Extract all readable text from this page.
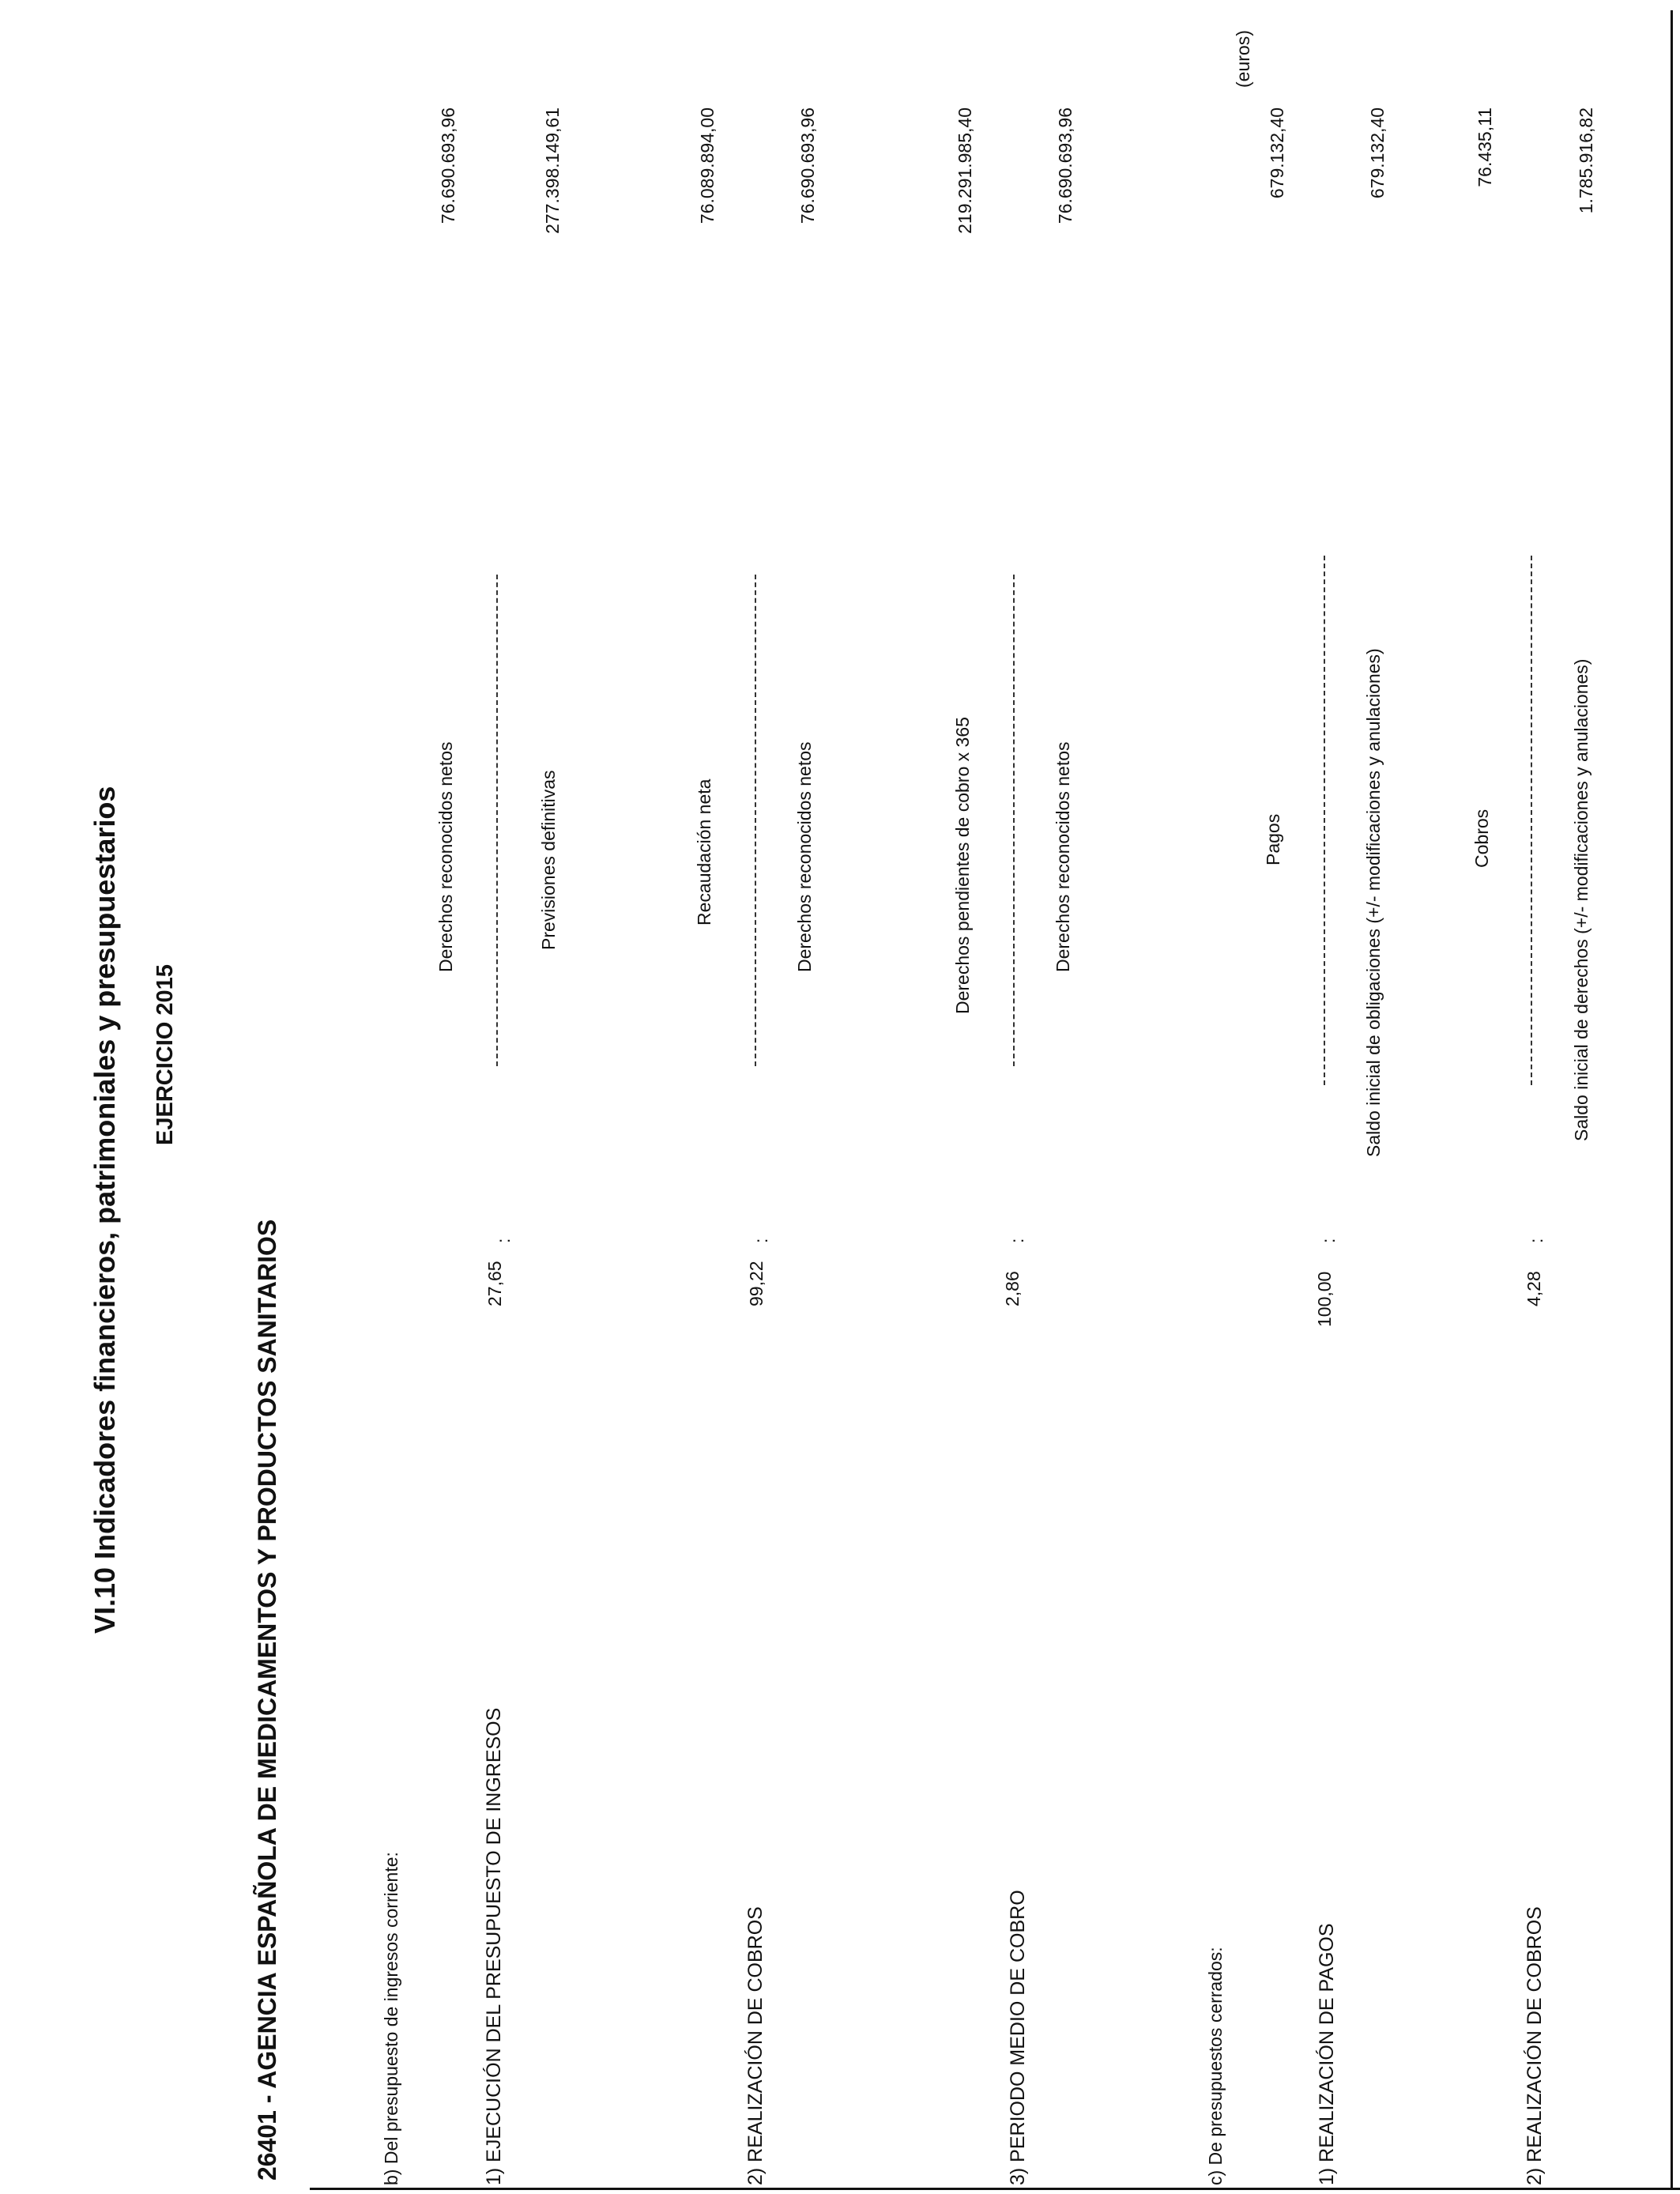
VI.10 Indicadores financieros, patrimoniales y presupuestarios EJERCICIO 2015
26401 - AGENCIA ESPAÑOLA DE MEDICAMENTOS Y PRODUCTOS SANITARIOS
(euros)
b) Del presupuesto de ingresos corriente:	1) EJECUCIÓN DEL PRESUPUESTO DE INGRESOS
27,65
:
Derechos reconocidos netos	Previsiones definitivas
76.690.693,96	277.398.149,61
2) REALIZACIÓN DE COBROS
99,22
:
Recaudación neta	Derechos reconocidos netos
76.089.894,00	76.690.693,96
3) PERIODO MEDIO DE COBRO
2,86
:
Derechos pendientes de cobro x 365	Derechos reconocidos netos
219.291.985,40	76.690.693,96
c) De presupuestos cerrados:	1) REALIZACIÓN DE PAGOS
100,00
:
Pagos	Saldo inicial de obligaciones (+/- modificaciones y anulaciones)
679.132,40	679.132,40
2) REALIZACIÓN DE COBROS
4,28
:
Cobros	Saldo inicial de derechos (+/- modificaciones y anulaciones)
76.435,11	1.785.916,82
